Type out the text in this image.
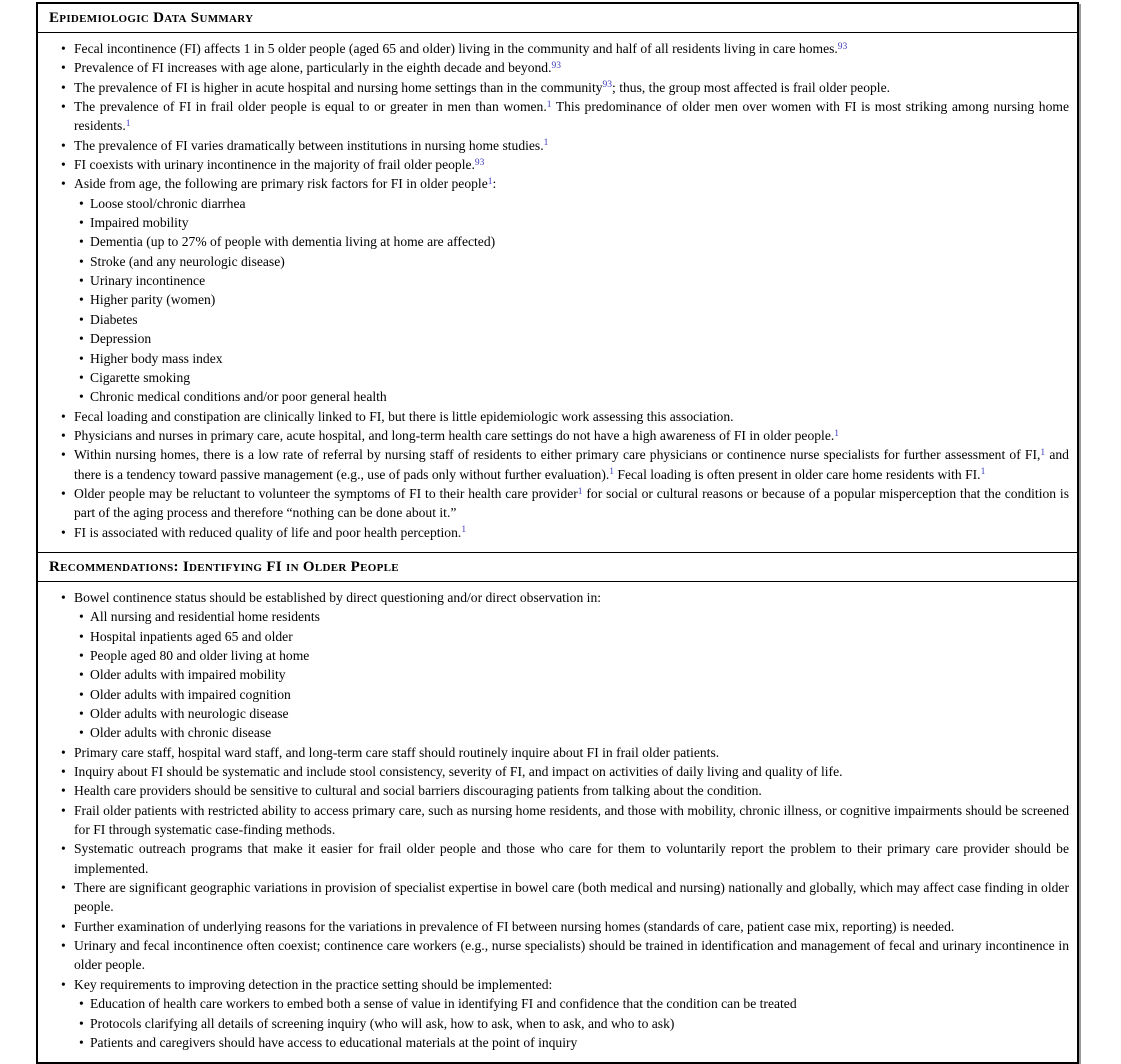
Epidemiologic Data Summary
• Fecal incontinence (FI) affects 1 in 5 older people (aged 65 and older) living in the community and half of all residents living in care homes.$^{93}$
• Prevalence of FI increases with age alone, particularly in the eighth decade and beyond.$^{93}$
• The prevalence of FI is higher in acute hospital and nursing home settings than in the community$^{93}$; thus, the group most affected is frail older people.
• The prevalence of FI in frail older people is equal to or greater in men than women.$^1$ This predominance of older men over women with FI is most striking among nursing home residents.$^1$
• The prevalence of FI varies dramatically between institutions in nursing home studies.$^1$
• FI coexists with urinary incontinence in the majority of frail older people.$^{93}$
• Aside from age, the following are primary risk factors for FI in older people$^1$:
• Loose stool/chronic diarrhea
• Impaired mobility
• Dementia (up to 27% of people with dementia living at home are affected)
• Stroke (and any neurologic disease)
• Urinary incontinence
• Higher parity (women)
• Diabetes
• Depression
• Higher body mass index
• Cigarette smoking
• Chronic medical conditions and/or poor general health
• Fecal loading and constipation are clinically linked to FI, but there is little epidemiologic work assessing this association.
• Physicians and nurses in primary care, acute hospital, and long-term health care settings do not have a high awareness of FI in older people.$^1$
• Within nursing homes, there is a low rate of referral by nursing staff of residents to either primary care physicians or continence nurse specialists for further assessment of FI,$^1$ and there is a tendency toward passive management (e.g., use of pads only without further evaluation).$^1$ Fecal loading is often present in older care home residents with FI.$^1$
• Older people may be reluctant to volunteer the symptoms of FI to their health care provider$^1$ for social or cultural reasons or because of a popular misperception that the condition is part of the aging process and therefore “nothing can be done about it.”
• FI is associated with reduced quality of life and poor health perception.$^1$
Recommendations: Identifying FI in Older People
• Bowel continence status should be established by direct questioning and/or direct observation in:
• All nursing and residential home residents
• Hospital inpatients aged 65 and older
• People aged 80 and older living at home
• Older adults with impaired mobility
• Older adults with impaired cognition
• Older adults with neurologic disease
• Older adults with chronic disease
• Primary care staff, hospital ward staff, and long-term care staff should routinely inquire about FI in frail older patients.
• Inquiry about FI should be systematic and include stool consistency, severity of FI, and impact on activities of daily living and quality of life.
• Health care providers should be sensitive to cultural and social barriers discouraging patients from talking about the condition.
• Frail older patients with restricted ability to access primary care, such as nursing home residents, and those with mobility, chronic illness, or cognitive impairments should be screened for FI through systematic case-finding methods.
• Systematic outreach programs that make it easier for frail older people and those who care for them to voluntarily report the problem to their primary care provider should be implemented.
• There are significant geographic variations in provision of specialist expertise in bowel care (both medical and nursing) nationally and globally, which may affect case finding in older people.
• Further examination of underlying reasons for the variations in prevalence of FI between nursing homes (standards of care, patient case mix, reporting) is needed.
• Urinary and fecal incontinence often coexist; continence care workers (e.g., nurse specialists) should be trained in identification and management of fecal and urinary incontinence in older people.
• Key requirements to improving detection in the practice setting should be implemented:
• Education of health care workers to embed both a sense of value in identifying FI and confidence that the condition can be treated
• Protocols clarifying all details of screening inquiry (who will ask, how to ask, when to ask, and who to ask)
• Patients and caregivers should have access to educational materials at the point of inquiry
